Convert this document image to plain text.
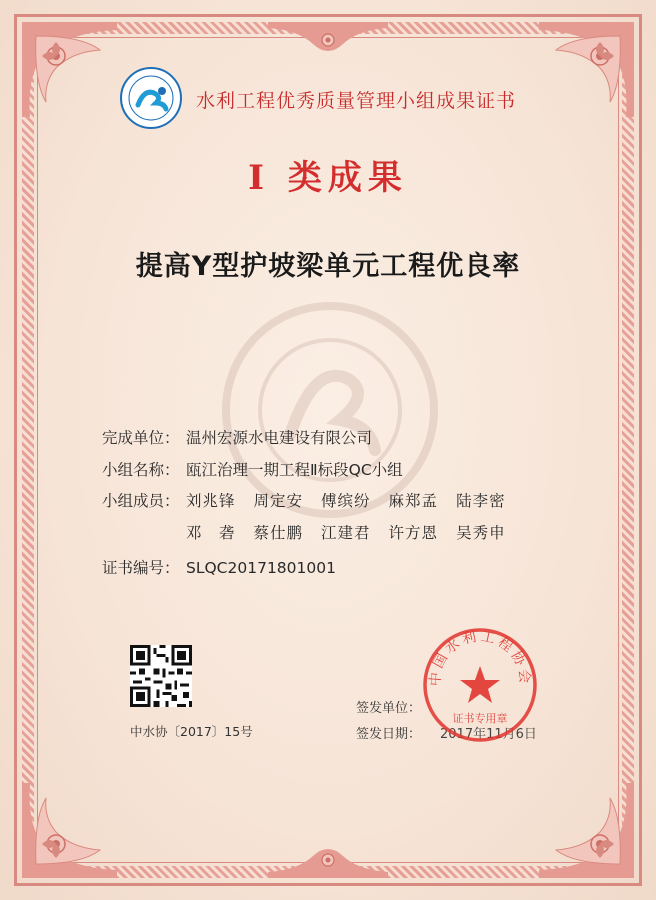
水利工程优秀质量管理小组成果证书
I 类成果
提高Y型护坡梁单元工程优良率
完成单位： 温州宏源水电建设有限公司
小组名称： 瓯江治理一期工程Ⅱ标段QC小组
小组成员： 刘兆锋 周定安 傅缤纷 麻郑孟 陆李密
邓　砻 蔡仕鹏 江建君 许方恩 吴秀申
证书编号： SLQC20171801001
中水协〔2017〕15号
签发单位：
签发日期： 2017年11月6日
中国水利工程协会
证书专用章
